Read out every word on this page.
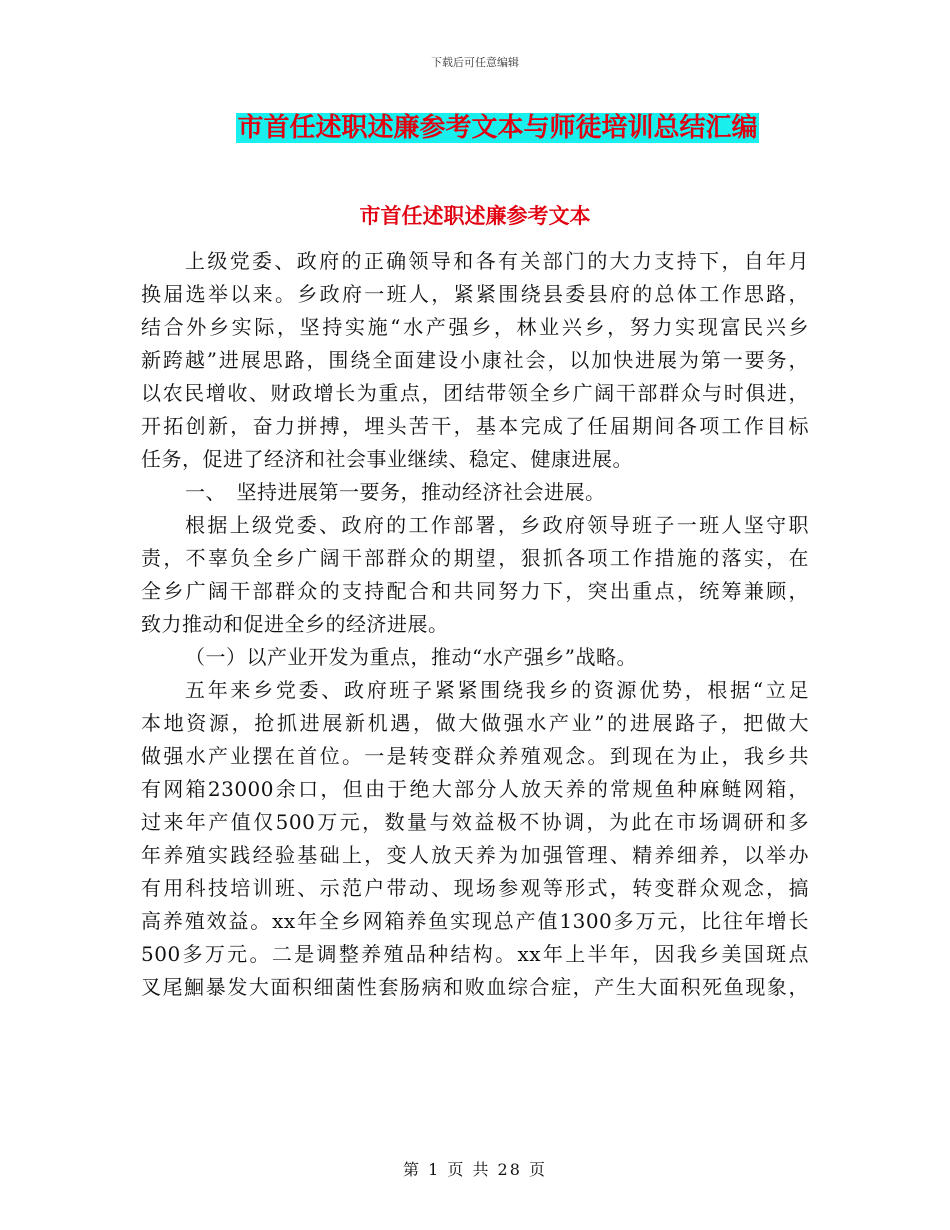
下载后可任意编辑
市首任述职述廉参考文本与师徒培训总结汇编
市首任述职述廉参考文本
上级党委、政府的正确领导和各有关部门的大力支持下，自年月
换届选举以来。乡政府一班人，紧紧围绕县委县府的总体工作思路，
结合外乡实际，坚持实施“水产强乡，林业兴乡，努力实现富民兴乡
新跨越”进展思路，围绕全面建设小康社会，以加快进展为第一要务，
以农民增收、财政增长为重点，团结带领全乡广阔干部群众与时俱进，
开拓创新，奋力拼搏，埋头苦干，基本完成了任届期间各项工作目标
任务，促进了经济和社会事业继续、稳定、健康进展。
一、　坚持进展第一要务，推动经济社会进展。
根据上级党委、政府的工作部署，乡政府领导班子一班人坚守职
责，不辜负全乡广阔干部群众的期望，狠抓各项工作措施的落实，在
全乡广阔干部群众的支持配合和共同努力下，突出重点，统筹兼顾，
致力推动和促进全乡的经济进展。
（一）以产业开发为重点，推动“水产强乡”战略。
五年来乡党委、政府班子紧紧围绕我乡的资源优势，根据“立足
本地资源，抢抓进展新机遇，做大做强水产业”的进展路子，把做大
做强水产业摆在首位。一是转变群众养殖观念。到现在为止，我乡共
有网箱23000余口，但由于绝大部分人放天养的常规鱼种麻鲢网箱，
过来年产值仅500万元，数量与效益极不协调，为此在市场调研和多
年养殖实践经验基础上，变人放天养为加强管理、精养细养，以举办
有用科技培训班、示范户带动、现场参观等形式，转变群众观念，搞
高养殖效益。xx年全乡网箱养鱼实现总产值1300多万元，比往年增长
500多万元。二是调整养殖品种结构。xx年上半年，因我乡美国斑点
叉尾鮰暴发大面积细菌性套肠病和败血综合症，产生大面积死鱼现象，
第 1 页 共 28 页
